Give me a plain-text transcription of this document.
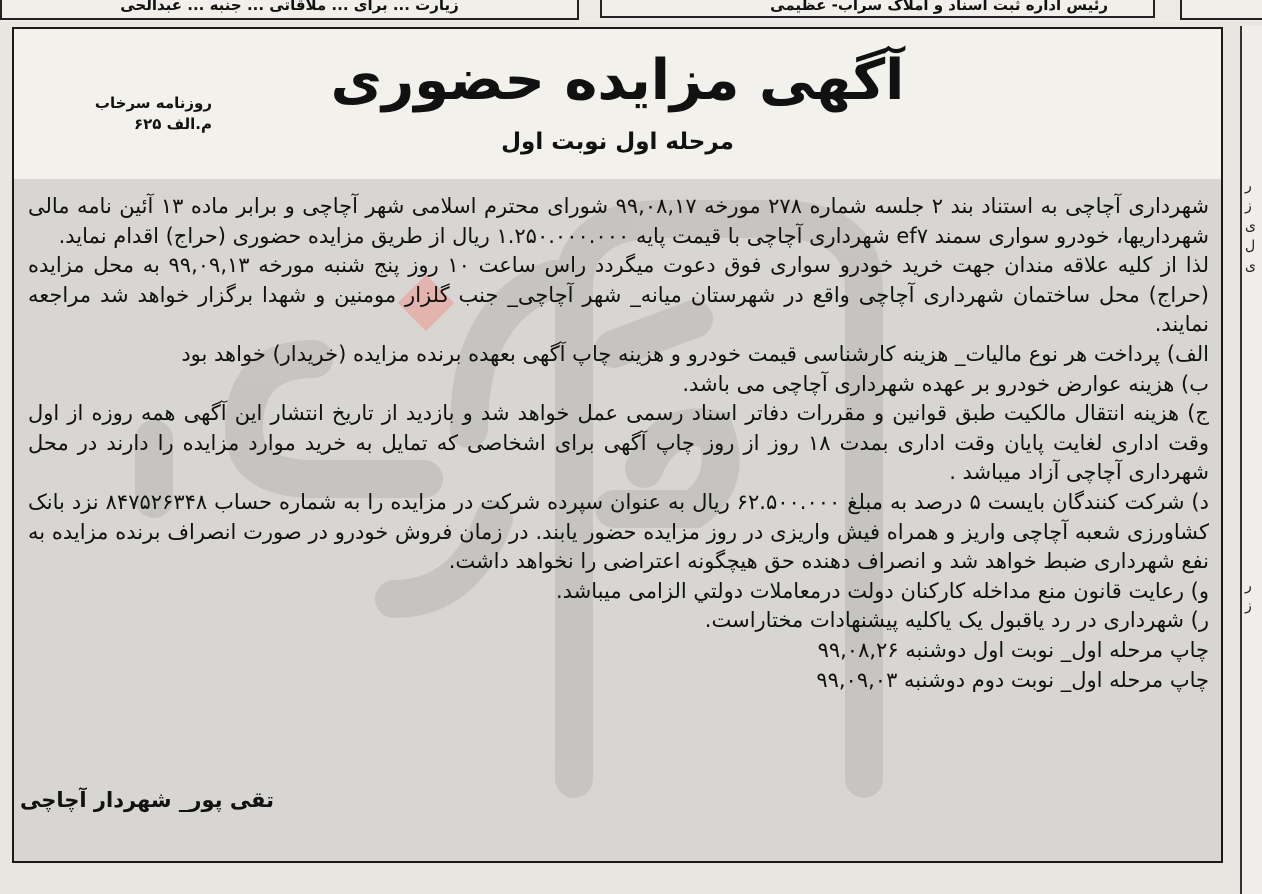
زیارت ... برای ... ملاقاتی ... جنبه ... عبدالحی	رئیس اداره ثبت اسناد و املاک سراب- عظیمی
ر
ز
ی
ل
ی
ر
ز
آگهی مزایده حضوری
مرحله اول نوبت اول
روزنامه سرخاب
م.الف ۶۲۵

شهرداری آچاچی به استناد بند ۲ جلسه شماره ۲۷۸ مورخه ۹۹,۰۸,۱۷ شورای محترم اسلامی شهر آچاچی و برابر ماده ۱۳ آئین نامه مالی شهرداریها، خودرو سواری سمند ef۷ شهرداری آچاچی با قیمت پایه ۱.۲۵۰.۰۰۰.۰۰۰ ریال از طریق مزایده حضوری (حراج) اقدام نماید.

لذا از کلیه علاقه مندان جهت خرید خودرو سواری فوق دعوت میگردد راس ساعت ۱۰ روز پنج شنبه مورخه ۹۹,۰۹,۱۳ به محل مزایده (حراج) محل ساختمان شهرداری آچاچی واقع در شهرستان میانه_ شهر آچاچی_ جنب گلزار مومنین و شهدا برگزار خواهد شد مراجعه نمایند.

الف) پرداخت هر نوع مالیات_ هزینه کارشناسی قیمت خودرو و هزینه چاپ آگهی بعهده برنده مزایده (خریدار) خواهد بود

ب) هزینه عوارض خودرو بر عهده شهرداری آچاچی می باشد.

ج) هزینه انتقال مالکیت طبق قوانین و مقررات دفاتر اسناد رسمی عمل خواهد شد و بازدید از تاریخ انتشار این آگهی همه روزه از اول وقت اداری لغایت پایان وقت اداری بمدت ۱۸ روز از روز چاپ آگهی برای اشخاصی که تمایل به خرید موارد مزایده را دارند در محل شهرداری آچاچی آزاد میباشد .

د) شرکت کنندگان بایست ۵ درصد به مبلغ ۶۲.۵۰۰.۰۰۰ ریال به عنوان سپرده شرکت در مزایده را به شماره حساب ۸۴۷۵۲۶۳۴۸ نزد بانک کشاورزی شعبه آچاچی واریز و همراه فیش واریزی در روز مزایده حضور یابند. در زمان فروش خودرو در صورت انصراف برنده مزایده به نفع شهرداری ضبط خواهد شد و انصراف دهنده حق هیچگونه اعتراضی را نخواهد داشت.

و) رعایت قانون منع مداخله کارکنان دولت درمعاملات دولتي الزامی میباشد.

ر) شهرداری در رد یاقبول یک یاکلیه پیشنهادات مختاراست.

چاپ مرحله اول_ نوبت اول دوشنبه ۹۹,۰۸,۲۶

چاپ مرحله اول_ نوبت دوم دوشنبه ۹۹,۰۹,۰۳

تقی پور_ شهردار آچاچی
